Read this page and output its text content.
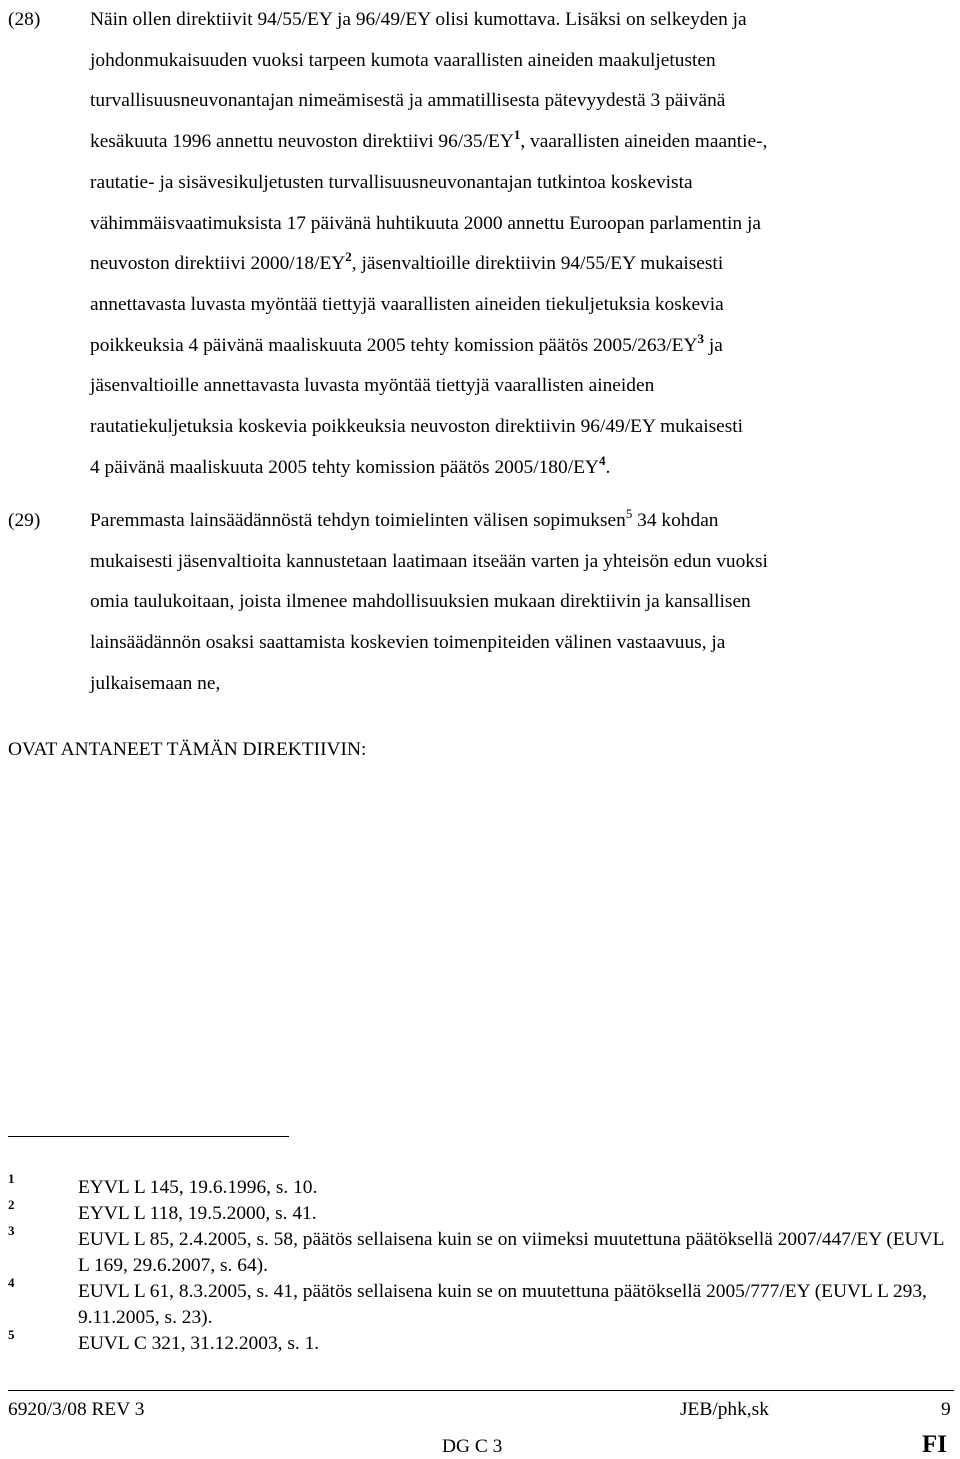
(28)	Näin ollen direktiivit 94/55/EY ja 96/49/EY olisi kumottava. Lisäksi on selkeyden ja
johdonmukaisuuden vuoksi tarpeen kumota vaarallisten aineiden maakuljetusten
turvallisuusneuvonantajan nimeämisestä ja ammatillisesta pätevyydestä 3 päivänä
kesäkuuta 1996 annettu neuvoston direktiivi $96/35/EY^1$, vaarallisten aineiden maantie-,
rautatie- ja sisävesikuljetusten turvallisuusneuvonantajan tutkintoa koskevista
vähimmäisvaatimuksista 17 päivänä huhtikuuta 2000 annettu Euroopan parlamentin ja
neuvoston direktiivi $2000/18/EY^2$, jäsenvaltioille direktiivin 94/55/EY mukaisesti
annettavasta luvasta myöntää tiettyjä vaarallisten aineiden tiekuljetuksia koskevia
poikkeuksia 4 päivänä maaliskuuta 2005 tehty komission päätös $2005/263/EY^3$ ja
jäsenvaltioille annettavasta luvasta myöntää tiettyjä vaarallisten aineiden
rautatiekuljetuksia koskevia poikkeuksia neuvoston direktiivin 96/49/EY mukaisesti
4 päivänä maaliskuuta 2005 tehty komission päätös $2005/180/EY^4$.
(29)	Paremmasta lainsäädännöstä tehdyn toimielinten välisen sopimuksen$^5$ 34 kohdan
mukaisesti jäsenvaltioita kannustetaan laatimaan itseään varten ja yhteisön edun vuoksi
omia taulukoitaan, joista ilmenee mahdollisuuksien mukaan direktiivin ja kansallisen
lainsäädännön osaksi saattamista koskevien toimenpiteiden välinen vastaavuus, ja
julkaisemaan ne,
OVAT ANTANEET TÄMÄN DIREKTIIVIN:
1	EYVL L 145, 19.6.1996, s. 10.
2	EYVL L 118, 19.5.2000, s. 41.
3	EUVL L 85, 2.4.2005, s. 58, päätös sellaisena kuin se on viimeksi muutettuna päätöksellä 2007/447/EY (EUVL L 169, 29.6.2007, s. 64).
4	EUVL L 61, 8.3.2005, s. 41, päätös sellaisena kuin se on muutettuna päätöksellä 2005/777/EY (EUVL L 293, 9.11.2005, s. 23).
5	EUVL C 321, 31.12.2003, s. 1.
6920/3/08 REV 3	JEB/phk,sk	9
DG C 3	FI
